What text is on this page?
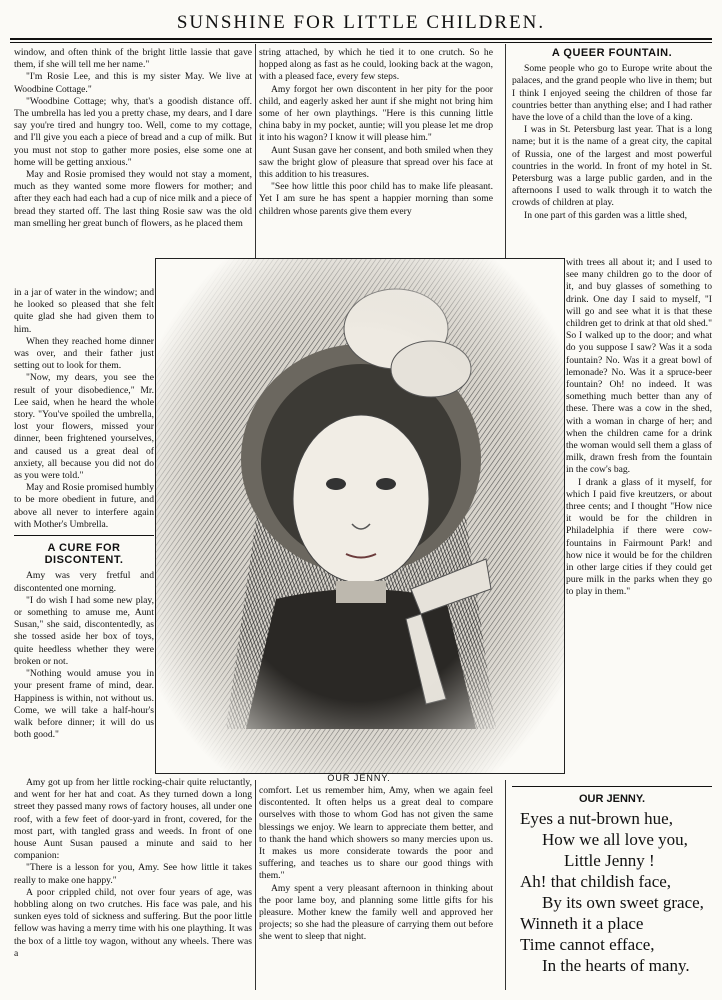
SUNSHINE FOR LITTLE CHILDREN.

window, and often think of the bright little lassie that gave them, if she will tell me her name."

"I'm Rosie Lee, and this is my sister May. We live at Woodbine Cottage."

"Woodbine Cottage; why, that's a goodish distance off. The umbrella has led you a pretty chase, my dears, and I dare say you're tired and hungry too. Well, come to my cottage, and I'll give you each a piece of bread and a cup of milk. But you must not stop to gather more posies, else some one at home will be getting anxious."

May and Rosie promised they would not stay a moment, much as they wanted some more flowers for mother; and after they each had each had a cup of nice milk and a piece of bread they started off. The last thing Rosie saw was the old man smelling her great bunch of flowers, as he placed them

in a jar of water in the window; and he looked so pleased that she felt quite glad she had given them to him.

When they reached home dinner was over, and their father just setting out to look for them.

"Now, my dears, you see the result of your disobedience," Mr. Lee said, when he heard the whole story. "You've spoiled the umbrella, lost your flowers, missed your dinner, been frightened yourselves, and caused us a great deal of anxiety, all because you did not do as you were told."

May and Rosie promised humbly to be more obedient in future, and above all never to interfere again with Mother's Umbrella.

A CURE FOR DISCONTENT.

Amy was very fretful and discontented one morning.

"I do wish I had some new play, or something to amuse me, Aunt Susan," she said, discontentedly, as she tossed aside her box of toys, quite heedless whether they were broken or not.

"Nothing would amuse you in your present frame of mind, dear. Happiness is within, not without us. Come, we will take a half-hour's walk before dinner; it will do us both good."

string attached, by which he tied it to one crutch. So he hopped along as fast as he could, looking back at the wagon, with a pleased face, every few steps.

Amy forgot her own discontent in her pity for the poor child, and eagerly asked her aunt if she might not bring him some of her own playthings. "Here is this cunning little china baby in my pocket, auntie; will you please let me drop it into his wagon? I know it will please him."

Aunt Susan gave her consent, and both smiled when they saw the bright glow of pleasure that spread over his face at this addition to his treasures.

"See how little this poor child has to make life pleasant. Yet I am sure he has spent a happier morning than some children whose parents give them every

A QUEER FOUNTAIN.

Some people who go to Europe write about the palaces, and the grand people who live in them; but I think I enjoyed seeing the children of those far countries better than anything else; and I had rather have the love of a child than the love of a king.

I was in St. Petersburg last year. That is a long name; but it is the name of a great city, the capital of Russia, one of the largest and most powerful countries in the world. In front of my hotel in St. Petersburg was a large public garden, and in the afternoons I used to walk through it to watch the crowds of children at play.

In one part of this garden was a little shed,

with trees all about it; and I used to see many children go to the door of it, and buy glasses of something to drink. One day I said to myself, "I will go and see what it is that these children get to drink at that old shed." So I walked up to the door; and what do you suppose I saw? Was it a soda fountain? No. Was it a great bowl of lemonade? No. Was it a spruce-beer fountain? Oh! no indeed. It was something much better than any of these. There was a cow in the shed, with a woman in charge of her; and when the children came for a drink the woman would sell them a glass of milk, drawn fresh from the fountain in the cow's bag.

I drank a glass of it myself, for which I paid five kreutzers, or about three cents; and I thought "How nice it would be for the children in Philadelphia if there were cow-fountains in Fairmount Park! and how nice it would be for the children in other large cities if they could get pure milk in the parks when they go to play in them."

OUR JENNY.

Amy got up from her little rocking-chair quite reluctantly, and went for her hat and coat. As they turned down a long street they passed many rows of factory houses, all under one roof, with a few feet of door-yard in front, covered, for the most part, with tangled grass and weeds. In front of one house Aunt Susan paused a minute and said to her companion:

"There is a lesson for you, Amy. See how little it takes really to make one happy."

A poor crippled child, not over four years of age, was hobbling along on two crutches. His face was pale, and his sunken eyes told of sickness and suffering. But the poor little fellow was having a merry time with his one plaything. It was the box of a little toy wagon, without any wheels. There was a

comfort. Let us remember him, Amy, when we again feel discontented. It often helps us a great deal to compare ourselves with those to whom God has not given the same blessings we enjoy. We learn to appreciate them better, and to thank the hand which showers so many mercies upon us. It makes us more considerate towards the poor and suffering, and teaches us to share our good things with them."

Amy spent a very pleasant afternoon in thinking about the poor lame boy, and planning some little gifts for his pleasure. Mother knew the family well and approved her projects; so she had the pleasure of carrying them out before she went to sleep that night.

OUR JENNY.
Eyes a nut-brown hue,
How we all love you,
Little Jenny !
Ah! that childish face,
By its own sweet grace,
Winneth it a place
Time cannot efface,
In the hearts of many.
